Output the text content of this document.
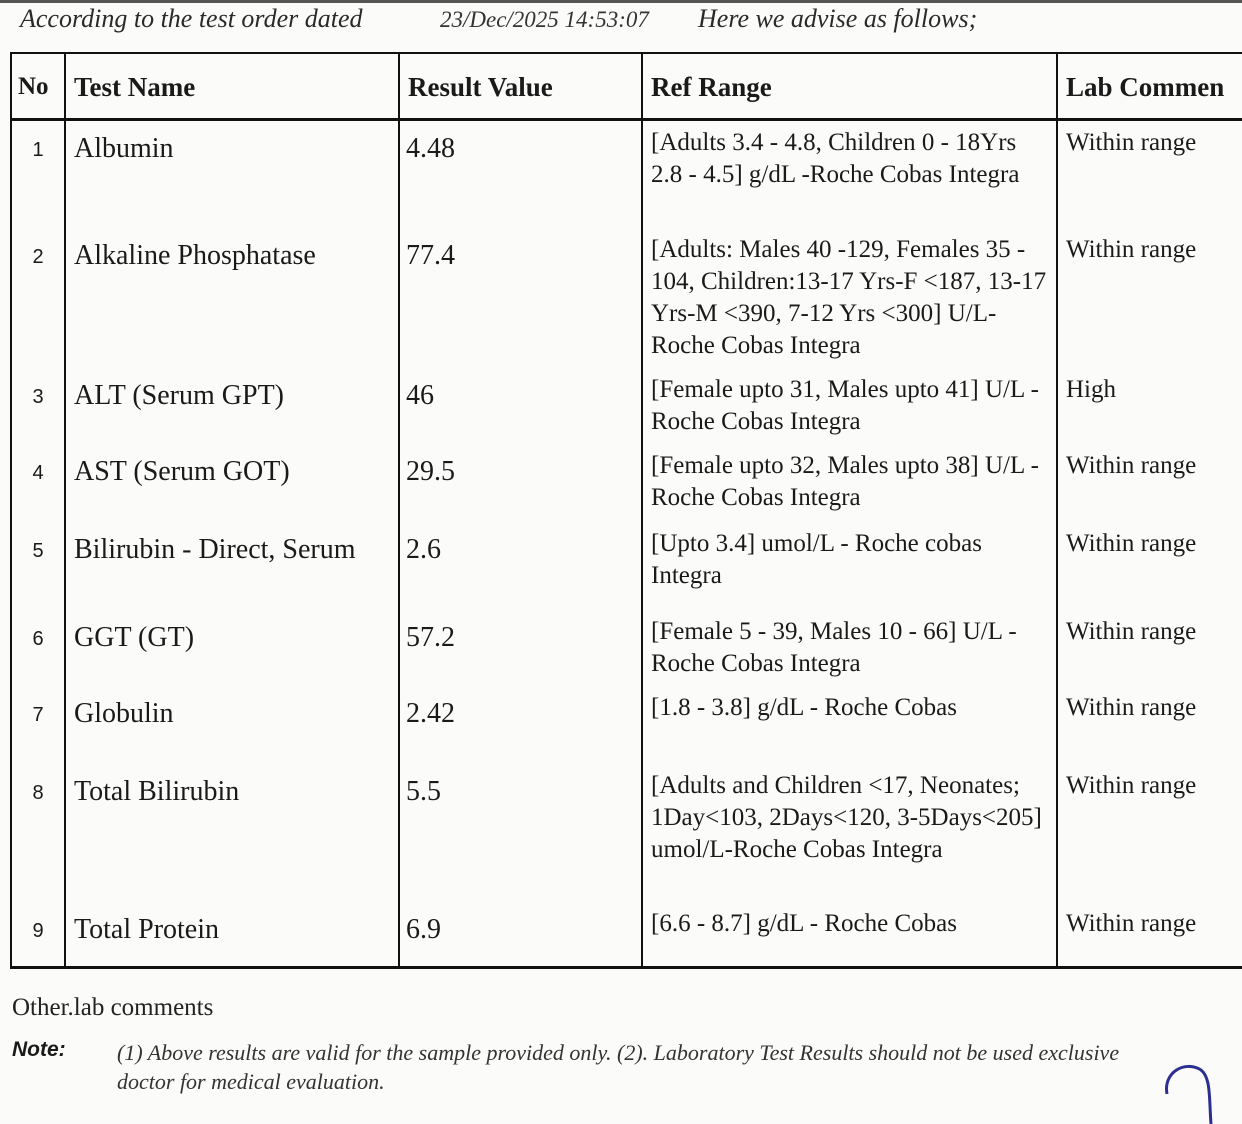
According to the test order dated	23/Dec/2025 14:53:07 Here we advise as follows;
No	Test Name	Result Value	Ref Range	Lab Commen
1	Albumin	4.48	[Adults 3.4 - 4.8, Children 0 - 18Yrs 2.8 - 4.5] g/dL -Roche Cobas Integra	Within range
2	Alkaline Phosphatase	77.4	[Adults: Males 40 -129, Females 35 - 104, Children:13-17 Yrs-F <187, 13-17 Yrs-M <390, 7-12 Yrs <300] U/L-Roche Cobas Integra	Within range
3	ALT (Serum GPT)	46	[Female upto 31, Males upto 41] U/L - Roche Cobas Integra	High
4	AST (Serum GOT)	29.5	[Female upto 32, Males upto 38] U/L - Roche Cobas Integra	Within range
5	Bilirubin - Direct, Serum	2.6	[Upto 3.4] umol/L - Roche cobas Integra	Within range
6	GGT (GT)	57.2	[Female 5 - 39, Males 10 - 66] U/L - Roche Cobas Integra	Within range
7	Globulin	2.42	[1.8 - 3.8] g/dL - Roche Cobas	Within range
8	Total Bilirubin	5.5	[Adults and Children <17, Neonates; 1Day<103, 2Days<120, 3-5Days<205] umol/L-Roche Cobas Integra	Within range
9	Total Protein	6.9	[6.6 - 8.7] g/dL - Roche Cobas	Within range
Other.lab comments
Note: (1) Above results are valid for the sample provided only. (2). Laboratory Test Results should not be used exclusive
doctor for medical evaluation.
